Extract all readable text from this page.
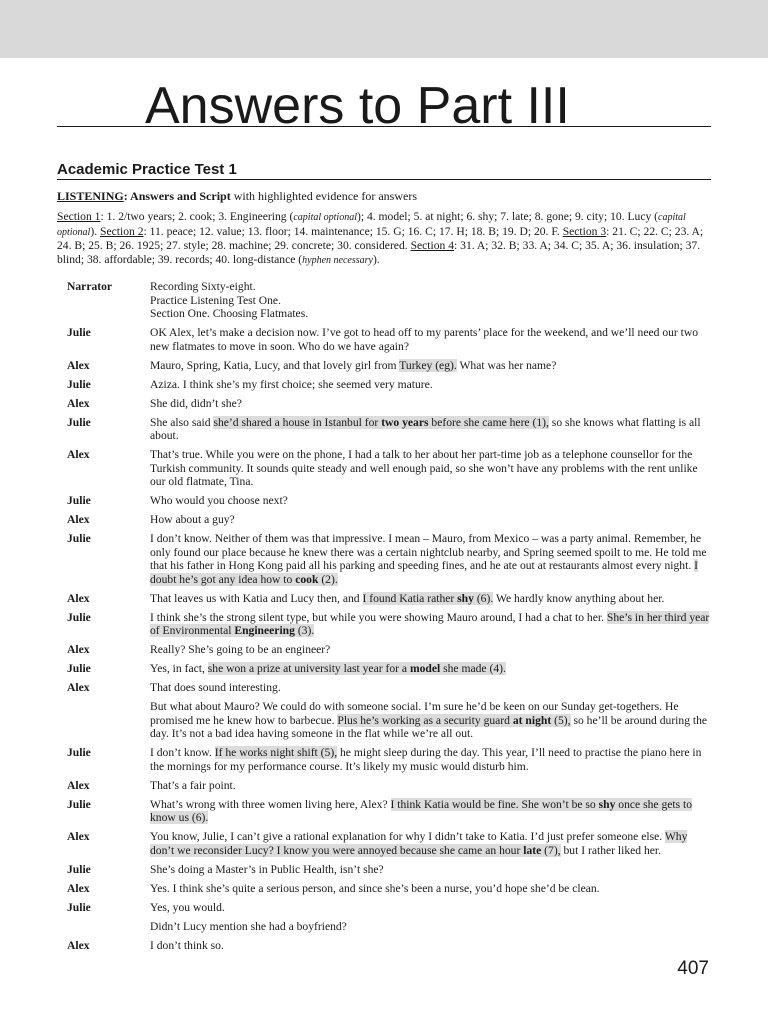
Answers to Part III
Academic Practice Test 1
LISTENING: Answers and Script with highlighted evidence for answers
Section 1: 1. 2/two years; 2. cook; 3. Engineering (capital optional); 4. model; 5. at night; 6. shy; 7. late; 8. gone; 9. city; 10. Lucy (capital optional). Section 2: 11. peace; 12. value; 13. floor; 14. maintenance; 15. G; 16. C; 17. H; 18. B; 19. D; 20. F. Section 3: 21. C; 22. C; 23. A; 24. B; 25. B; 26. 1925; 27. style; 28. machine; 29. concrete; 30. considered. Section 4: 31. A; 32. B; 33. A; 34. C; 35. A; 36. insulation; 37. blind; 38. affordable; 39. records; 40. long-distance (hyphen necessary).
Narrator	Recording Sixty-eight.
Practice Listening Test One.
Section One. Choosing Flatmates.
Julie	OK Alex, let’s make a decision now. I’ve got to head off to my parents’ place for the weekend, and we’ll need our two new flatmates to move in soon. Who do we have again?
Alex	Mauro, Spring, Katia, Lucy, and that lovely girl from Turkey (eg). What was her name?
Julie	Aziza. I think she’s my first choice; she seemed very mature.
Alex	She did, didn’t she?
Julie	She also said she’d shared a house in Istanbul for two years before she came here (1), so she knows what flatting is all about.
Alex	That’s true. While you were on the phone, I had a talk to her about her part-time job as a telephone counsellor for the Turkish community. It sounds quite steady and well enough paid, so she won’t have any problems with the rent unlike our old flatmate, Tina.
Julie	Who would you choose next?
Alex	How about a guy?
Julie	I don’t know. Neither of them was that impressive. I mean – Mauro, from Mexico – was a party animal. Remember, he only found our place because he knew there was a certain nightclub nearby, and Spring seemed spoilt to me. He told me that his father in Hong Kong paid all his parking and speeding fines, and he ate out at restaurants almost every night. I doubt he’s got any idea how to cook (2).
Alex	That leaves us with Katia and Lucy then, and I found Katia rather shy (6). We hardly know anything about her.
Julie	I think she’s the strong silent type, but while you were showing Mauro around, I had a chat to her. She’s in her third year of Environmental Engineering (3).
Alex	Really? She’s going to be an engineer?
Julie	Yes, in fact, she won a prize at university last year for a model she made (4).
Alex	That does sound interesting.
But what about Mauro? We could do with someone social. I’m sure he’d be keen on our Sunday get-togethers. He promised me he knew how to barbecue. Plus he’s working as a security guard at night (5), so he’ll be around during the day. It’s not a bad idea having someone in the flat while we’re all out.
Julie	I don’t know. If he works night shift (5), he might sleep during the day. This year, I’ll need to practise the piano here in the mornings for my performance course. It’s likely my music would disturb him.
Alex	That’s a fair point.
Julie	What’s wrong with three women living here, Alex? I think Katia would be fine. She won’t be so shy once she gets to know us (6).
Alex	You know, Julie, I can’t give a rational explanation for why I didn’t take to Katia. I’d just prefer someone else. Why don’t we reconsider Lucy? I know you were annoyed because she came an hour late (7), but I rather liked her.
Julie	She’s doing a Master’s in Public Health, isn’t she?
Alex	Yes. I think she’s quite a serious person, and since she’s been a nurse, you’d hope she’d be clean.
Julie	Yes, you would.
Didn’t Lucy mention she had a boyfriend?
Alex	I don’t think so.
407
